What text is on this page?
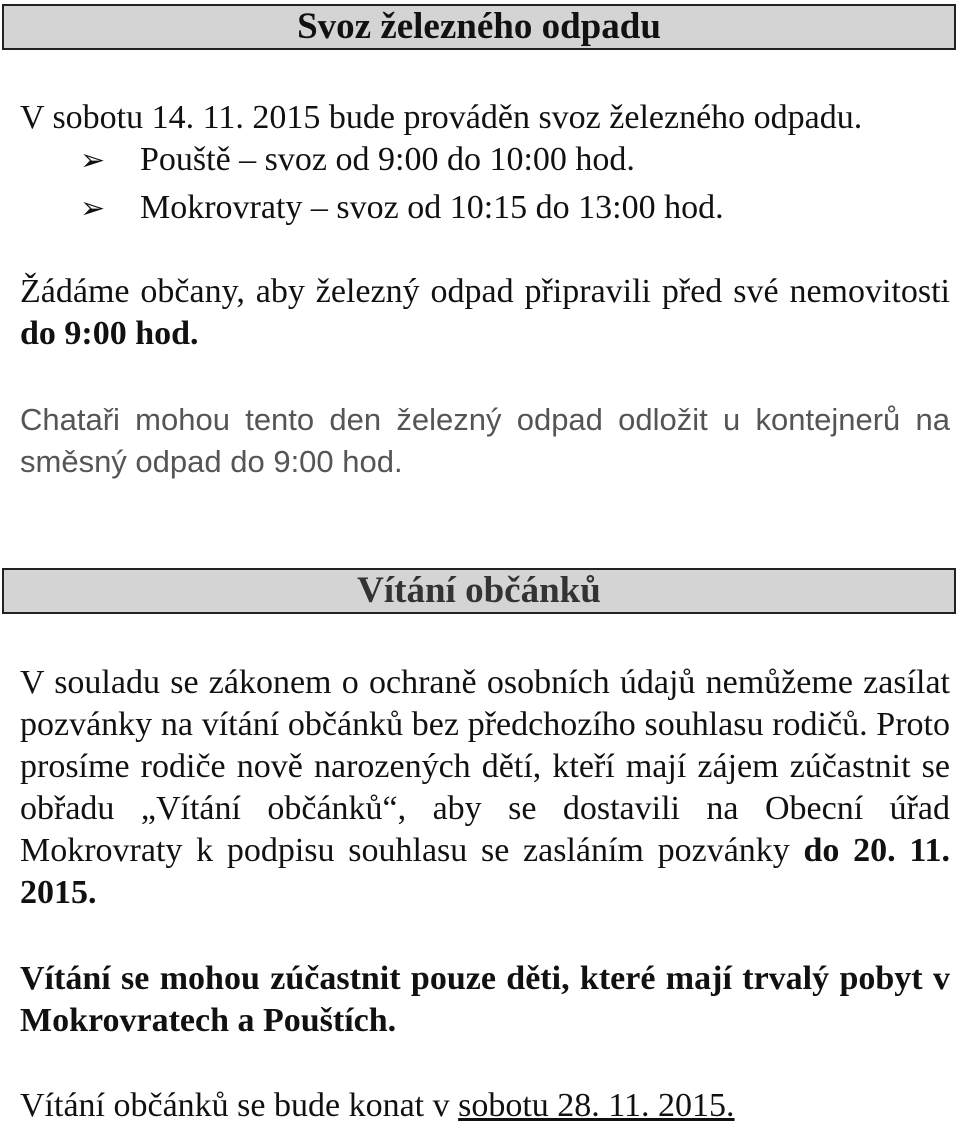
Svoz železného odpadu
V sobotu 14. 11. 2015 bude prováděn svoz železného odpadu.
➢ Pouště – svoz od 9:00 do 10:00 hod.
➢ Mokrovraty – svoz od 10:15 do 13:00 hod.
Žádáme občany, aby železný odpad připravili před své nemovitosti do 9:00 hod.
Chataři mohou tento den železný odpad odložit u kontejnerů na směsný odpad do 9:00 hod.
Vítání občánků
V souladu se zákonem o ochraně osobních údajů nemůžeme zasílat pozvánky na vítání občánků bez předchozího souhlasu rodičů. Proto prosíme rodiče nově narozených dětí, kteří mají zájem zúčastnit se obřadu „Vítání občánků“, aby se dostavili na Obecní úřad Mokrovraty k podpisu souhlasu se zasláním pozvánky do 20. 11. 2015.
Vítání se mohou zúčastnit pouze děti, které mají trvalý pobyt v Mokrovratech a Pouštích.
Vítání občánků se bude konat v sobotu 28. 11. 2015.
